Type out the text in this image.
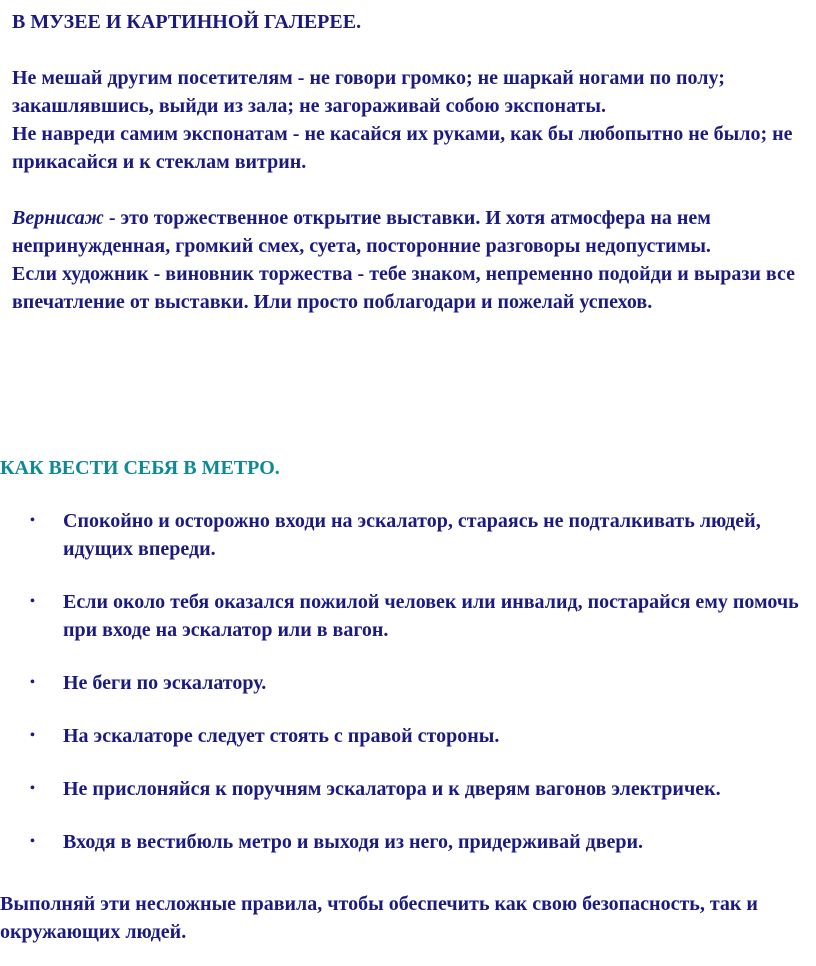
В МУЗЕЕ И КАРТИННОЙ ГАЛЕРЕЕ.

Не мешай другим посетителям - не говори громко; не шаркай ногами по полу; закашлявшись, выйди из зала; не загораживай собою экспонаты.

Не навреди самим экспонатам - не касайся их руками, как бы любопытно не было; не прикасайся и к стеклам витрин.

Вернисаж - это торжественное открытие выставки. И хотя атмосфера на нем непринужденная, громкий смех, суета, посторонние разговоры недопустимы.

Если художник - виновник торжества - тебе знаком, непременно подойди и вырази все впечатление от выставки. Или просто поблагодари и пожелай успехов.

КАК ВЕСТИ СЕБЯ В МЕТРО.

• Спокойно и осторожно входи на эскалатор, стараясь не подталкивать людей, идущих впереди.
• Если около тебя оказался пожилой человек или инвалид, постарайся ему помочь при входе на эскалатор или в вагон.
• Не беги по эскалатору.
• На эскалаторе следует стоять с правой стороны.
• Не прислоняйся к поручням эскалатора и к дверям вагонов электричек.
• Входя в вестибюль метро и выходя из него, придерживай двери.

Выполняй эти несложные правила, чтобы обеспечить как свою безопасность, так и окружающих людей.
